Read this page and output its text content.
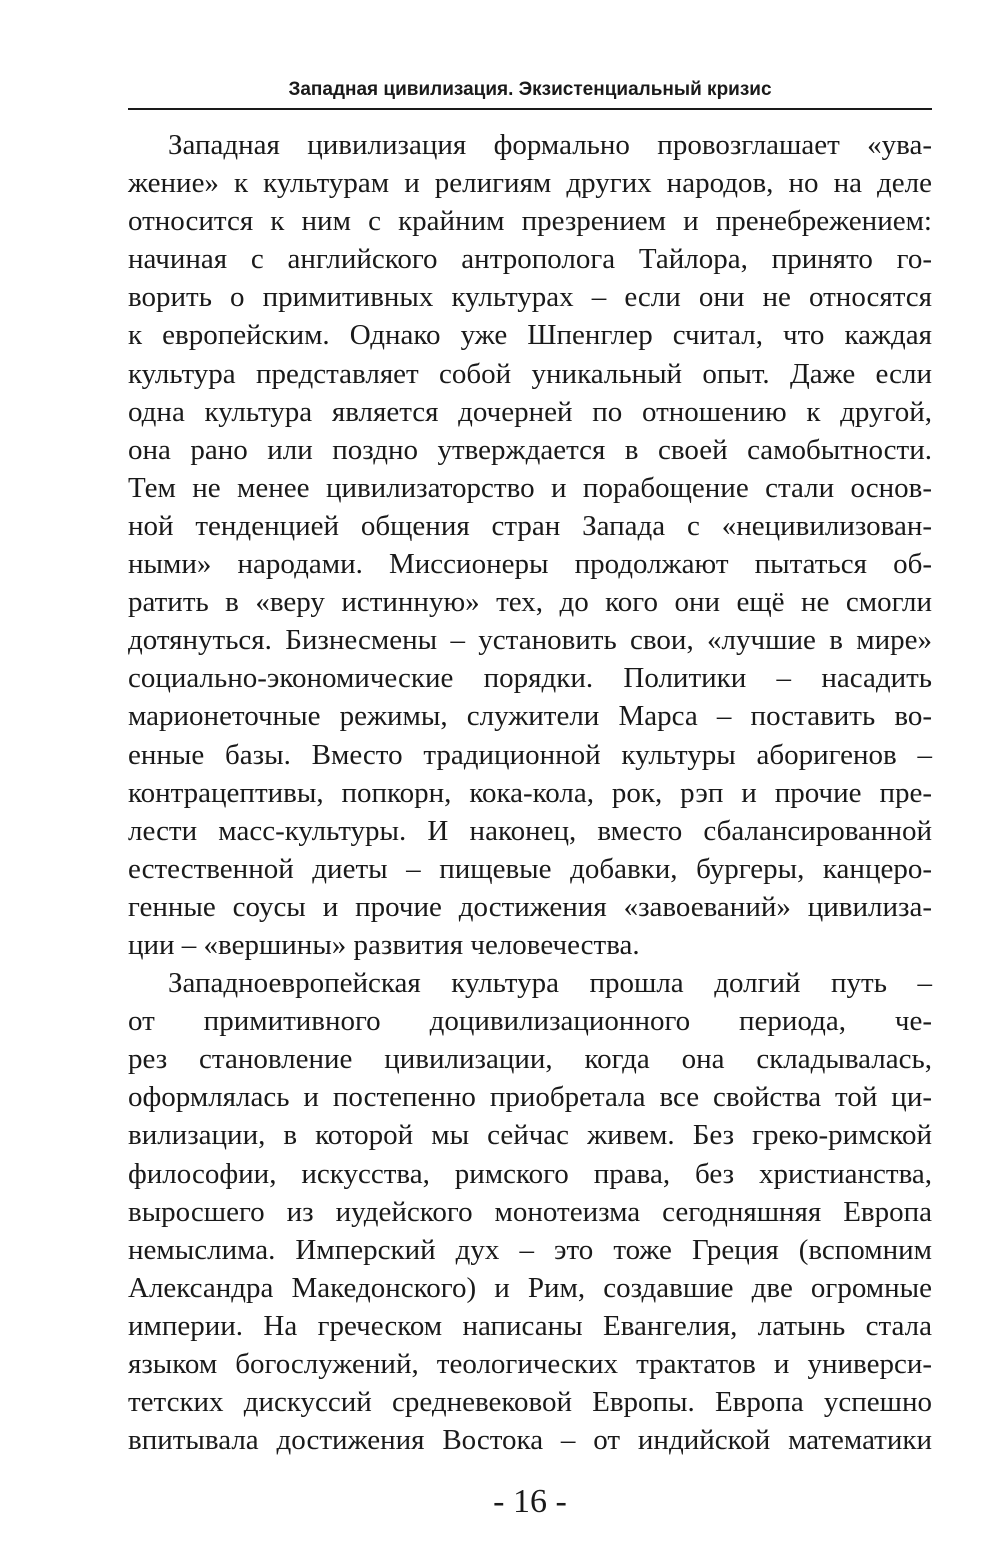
Западная цивилизация. Экзистенциальный кризис
Западная цивилизация формально провозглашает «ува-
жение» к культурам и религиям других народов, но на деле
относится к ним с крайним презрением и пренебрежением:
начиная с английского антрополога Тайлора, принято го-
ворить о примитивных культурах – если они не относятся
к европейским. Однако уже Шпенглер считал, что каждая
культура представляет собой уникальный опыт. Даже если
одна культура является дочерней по отношению к другой,
она рано или поздно утверждается в своей самобытности.
Тем не менее цивилизаторство и порабощение стали основ-
ной тенденцией общения стран Запада с «нецивилизован-
ными» народами. Миссионеры продолжают пытаться об-
ратить в «веру истинную» тех, до кого они ещё не смогли
дотянуться. Бизнесмены – установить свои, «лучшие в мире»
социально-экономические порядки. Политики – насадить
марионеточные режимы, служители Марса – поставить во-
енные базы. Вместо традиционной культуры аборигенов –
контрацептивы, попкорн, кока-кола, рок, рэп и прочие пре-
лести масс-культуры. И наконец, вместо сбалансированной
естественной диеты – пищевые добавки, бургеры, канцеро-
генные соусы и прочие достижения «завоеваний» цивилиза-
ции – «вершины» развития человечества.
Западноевропейская культура прошла долгий путь –
от примитивного доцивилизационного периода, че-
рез становление цивилизации, когда она складывалась,
оформлялась и постепенно приобретала все свойства той ци-
вилизации, в которой мы сейчас живем. Без греко-римской
философии, искусства, римского права, без христианства,
выросшего из иудейского монотеизма сегодняшняя Европа
немыслима. Имперский дух – это тоже Греция (вспомним
Александра Македонского) и Рим, создавшие две огромные
империи. На греческом написаны Евангелия, латынь стала
языком богослужений, теологических трактатов и универси-
тетских дискуссий средневековой Европы. Европа успешно
впитывала достижения Востока – от индийской математики
- 16 -
